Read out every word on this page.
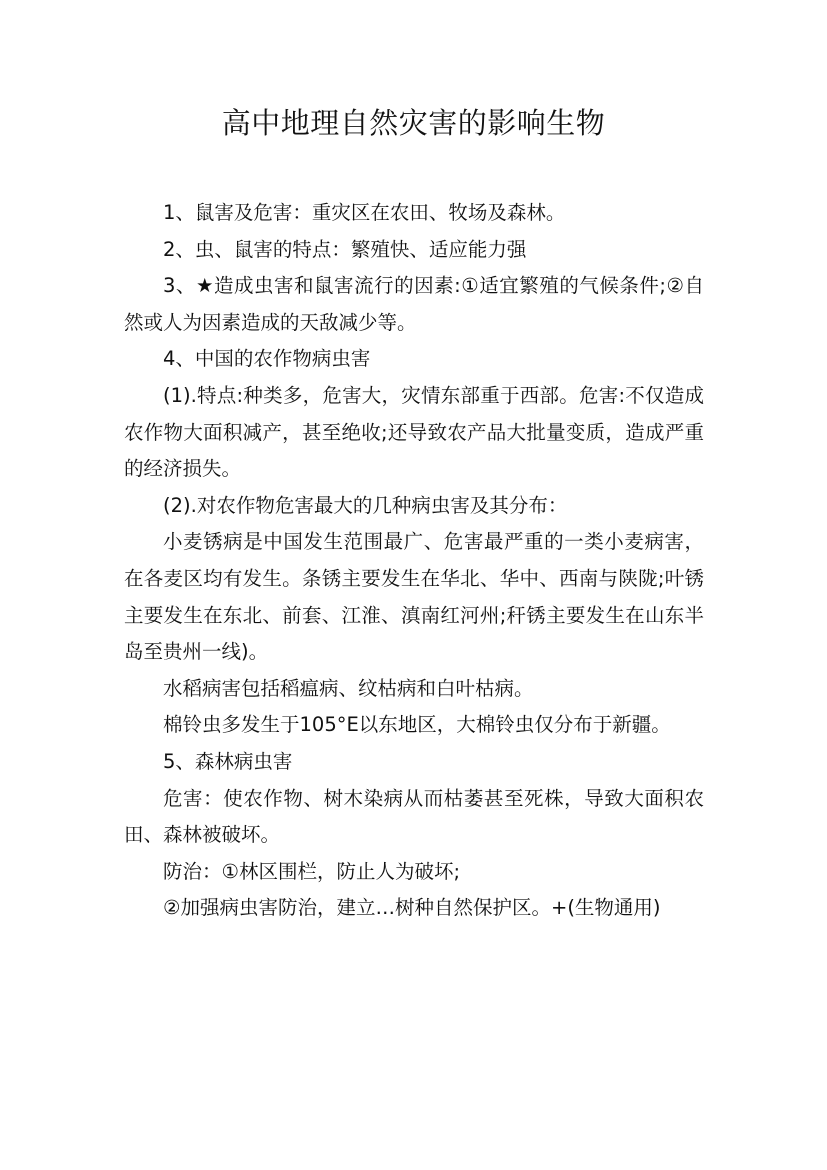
高中地理自然灾害的影响生物

1、鼠害及危害：重灾区在农田、牧场及森林。

2、虫、鼠害的特点：繁殖快、适应能力强

3、★造成虫害和鼠害流行的因素:①适宜繁殖的气候条件;②自然或人为因素造成的天敌减少等。

4、中国的农作物病虫害

(1).特点:种类多，危害大，灾情东部重于西部。危害:不仅造成农作物大面积减产，甚至绝收;还导致农产品大批量变质，造成严重的经济损失。

(2).对农作物危害最大的几种病虫害及其分布：

小麦锈病是中国发生范围最广、危害最严重的一类小麦病害，在各麦区均有发生。条锈主要发生在华北、华中、西南与陕陇;叶锈主要发生在东北、前套、江淮、滇南红河州;秆锈主要发生在山东半岛至贵州一线)。

水稻病害包括稻瘟病、纹枯病和白叶枯病。

棉铃虫多发生于105°E以东地区，大棉铃虫仅分布于新疆。

5、森林病虫害

危害：使农作物、树木染病从而枯萎甚至死株，导致大面积农田、森林被破坏。

防治：①林区围栏，防止人为破坏;

②加强病虫害防治，建立…树种自然保护区。+(生物通用)
